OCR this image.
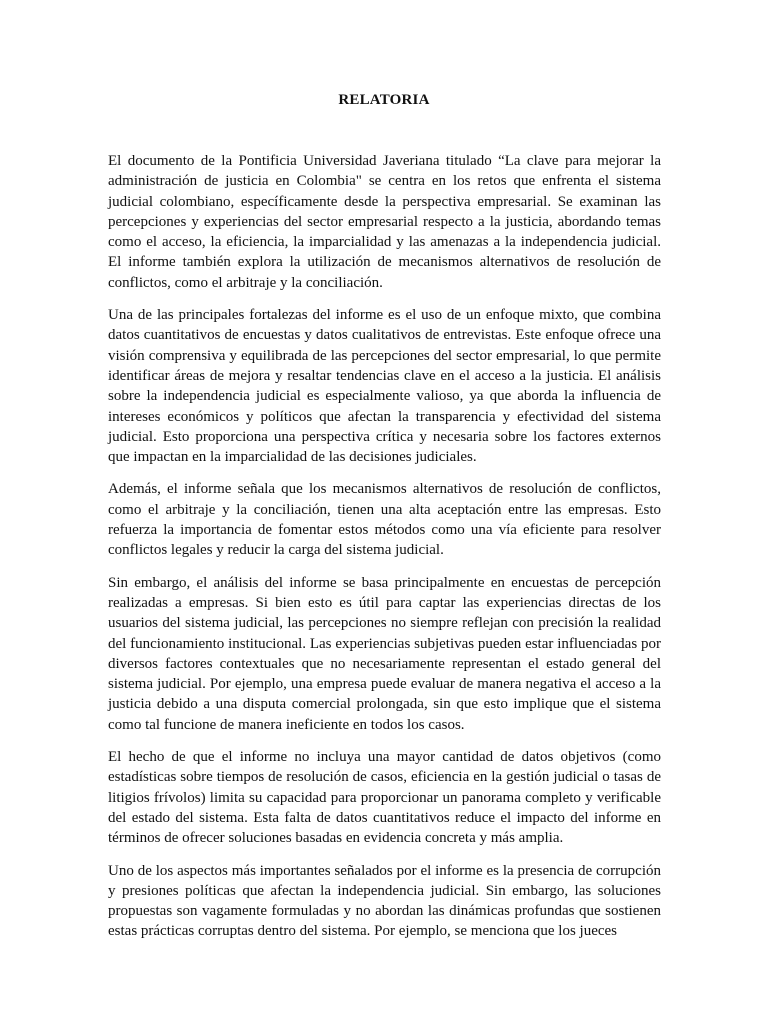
RELATORIA

El documento de la Pontificia Universidad Javeriana titulado “La clave para mejorar la administración de justicia en Colombia" se centra en los retos que enfrenta el sistema judicial colombiano, específicamente desde la perspectiva empresarial. Se examinan las percepciones y experiencias del sector empresarial respecto a la justicia, abordando temas como el acceso, la eficiencia, la imparcialidad y las amenazas a la independencia judicial. El informe también explora la utilización de mecanismos alternativos de resolución de conflictos, como el arbitraje y la conciliación.

Una de las principales fortalezas del informe es el uso de un enfoque mixto, que combina datos cuantitativos de encuestas y datos cualitativos de entrevistas. Este enfoque ofrece una visión comprensiva y equilibrada de las percepciones del sector empresarial, lo que permite identificar áreas de mejora y resaltar tendencias clave en el acceso a la justicia. El análisis sobre la independencia judicial es especialmente valioso, ya que aborda la influencia de intereses económicos y políticos que afectan la transparencia y efectividad del sistema judicial. Esto proporciona una perspectiva crítica y necesaria sobre los factores externos que impactan en la imparcialidad de las decisiones judiciales.

Además, el informe señala que los mecanismos alternativos de resolución de conflictos, como el arbitraje y la conciliación, tienen una alta aceptación entre las empresas. Esto refuerza la importancia de fomentar estos métodos como una vía eficiente para resolver conflictos legales y reducir la carga del sistema judicial.

Sin embargo, el análisis del informe se basa principalmente en encuestas de percepción realizadas a empresas. Si bien esto es útil para captar las experiencias directas de los usuarios del sistema judicial, las percepciones no siempre reflejan con precisión la realidad del funcionamiento institucional. Las experiencias subjetivas pueden estar influenciadas por diversos factores contextuales que no necesariamente representan el estado general del sistema judicial. Por ejemplo, una empresa puede evaluar de manera negativa el acceso a la justicia debido a una disputa comercial prolongada, sin que esto implique que el sistema como tal funcione de manera ineficiente en todos los casos.

El hecho de que el informe no incluya una mayor cantidad de datos objetivos (como estadísticas sobre tiempos de resolución de casos, eficiencia en la gestión judicial o tasas de litigios frívolos) limita su capacidad para proporcionar un panorama completo y verificable del estado del sistema. Esta falta de datos cuantitativos reduce el impacto del informe en términos de ofrecer soluciones basadas en evidencia concreta y más amplia.

Uno de los aspectos más importantes señalados por el informe es la presencia de corrupción y presiones políticas que afectan la independencia judicial. Sin embargo, las soluciones propuestas son vagamente formuladas y no abordan las dinámicas profundas que sostienen estas prácticas corruptas dentro del sistema. Por ejemplo, se menciona que los jueces
